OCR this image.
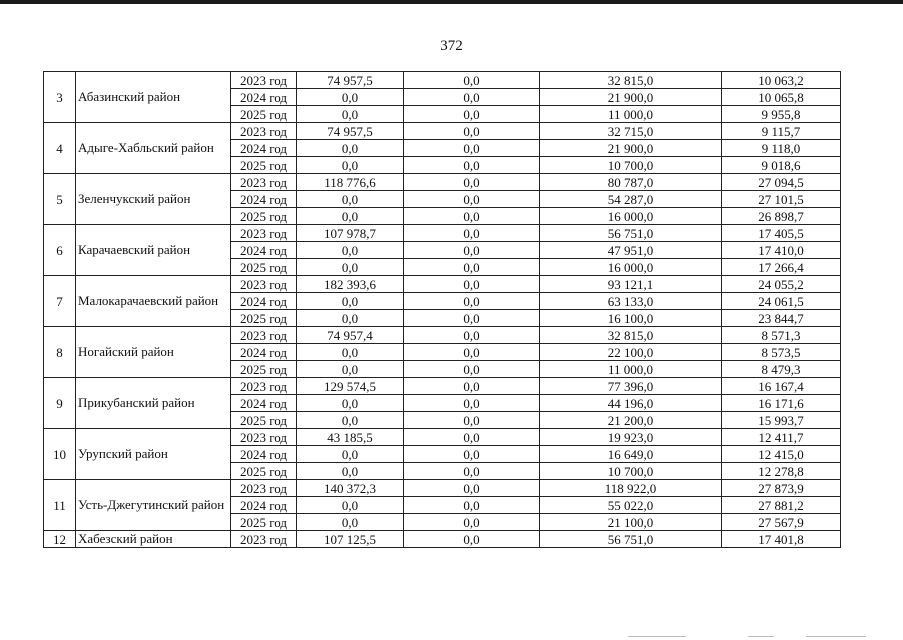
372
3	Абазинский район	2023 год	74 957,5	0,0	32 815,0	10 063,2
		2024 год	0,0	0,0	21 900,0	10 065,8
		2025 год	0,0	0,0	11 000,0	9 955,8
4	Адыге-Хабльский район	2023 год	74 957,5	0,0	32 715,0	9 115,7
		2024 год	0,0	0,0	21 900,0	9 118,0
		2025 год	0,0	0,0	10 700,0	9 018,6
5	Зеленчукский район	2023 год	118 776,6	0,0	80 787,0	27 094,5
		2024 год	0,0	0,0	54 287,0	27 101,5
		2025 год	0,0	0,0	16 000,0	26 898,7
6	Карачаевский район	2023 год	107 978,7	0,0	56 751,0	17 405,5
		2024 год	0,0	0,0	47 951,0	17 410,0
		2025 год	0,0	0,0	16 000,0	17 266,4
7	Малокарачаевский район	2023 год	182 393,6	0,0	93 121,1	24 055,2
		2024 год	0,0	0,0	63 133,0	24 061,5
		2025 год	0,0	0,0	16 100,0	23 844,7
8	Ногайский район	2023 год	74 957,4	0,0	32 815,0	8 571,3
		2024 год	0,0	0,0	22 100,0	8 573,5
		2025 год	0,0	0,0	11 000,0	8 479,3
9	Прикубанский район	2023 год	129 574,5	0,0	77 396,0	16 167,4
		2024 год	0,0	0,0	44 196,0	16 171,6
		2025 год	0,0	0,0	21 200,0	15 993,7
10	Урупский район	2023 год	43 185,5	0,0	19 923,0	12 411,7
		2024 год	0,0	0,0	16 649,0	12 415,0
		2025 год	0,0	0,0	10 700,0	12 278,8
11	Усть-Джегутинский район	2023 год	140 372,3	0,0	118 922,0	27 873,9
		2024 год	0,0	0,0	55 022,0	27 881,2
		2025 год	0,0	0,0	21 100,0	27 567,9
12	Хабезский район	2023 год	107 125,5	0,0	56 751,0	17 401,8
